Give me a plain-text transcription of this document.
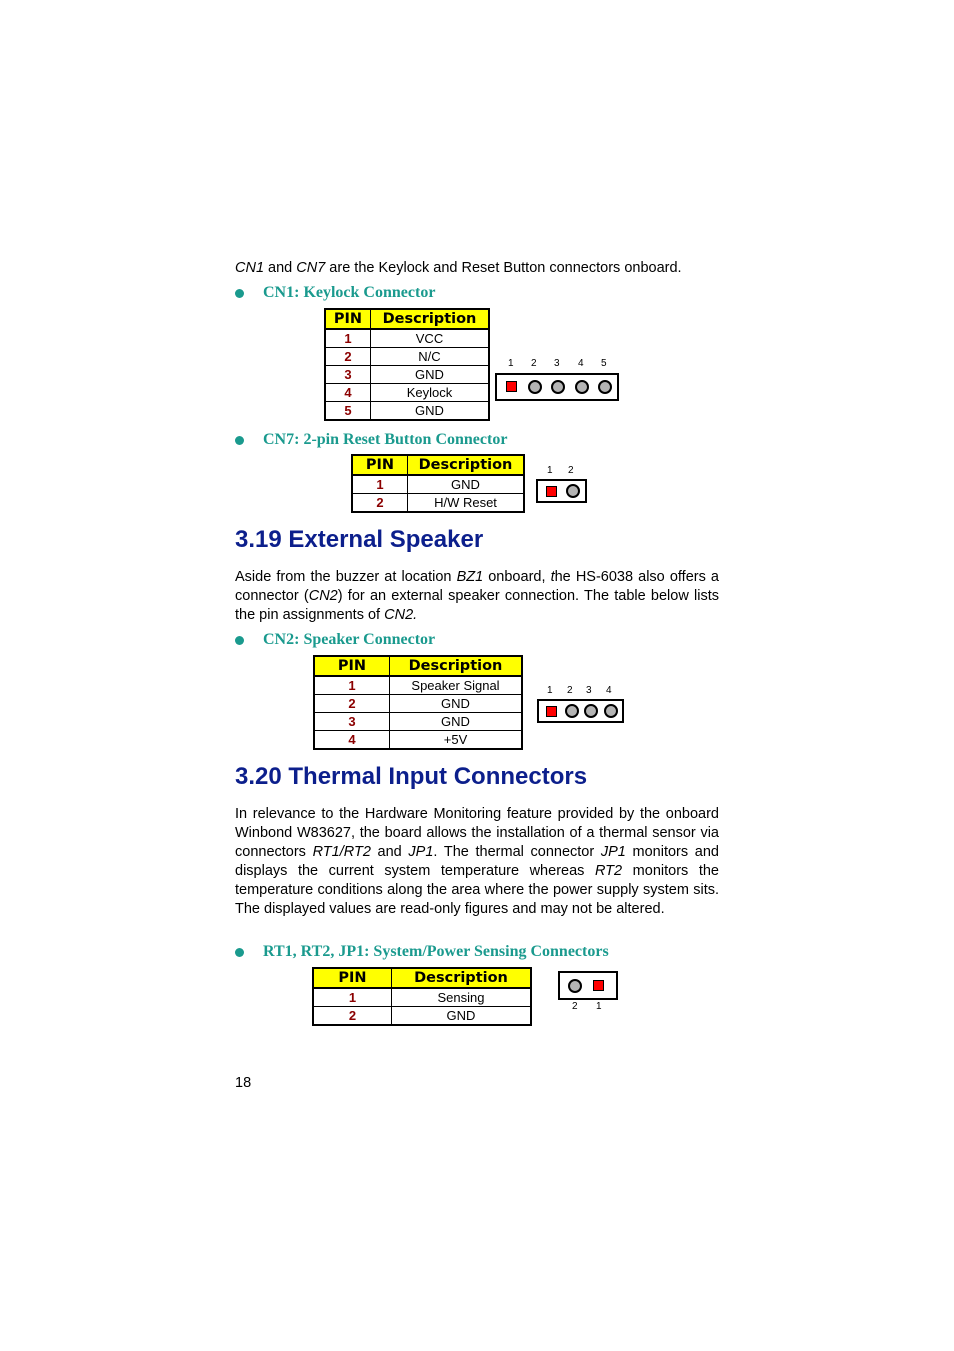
CN1 and CN7 are the Keylock and Reset Button connectors onboard.
CN1: Keylock Connector
PIN	Description
1	VCC
2	N/C
3	GND
4	Keylock
5	GND
1 2 3 4 5
CN7: 2-pin Reset Button Connector
PIN	Description
1	GND
2	H/W Reset
1 2
3.19 External Speaker
Aside from the buzzer at location BZ1 onboard, the HS-6038 also offers a connector (CN2) for an external speaker connection. The table below lists the pin assignments of CN2.
CN2: Speaker Connector
PIN	Description
1	Speaker Signal
2	GND
3	GND
4	+5V
1 2 3 4
3.20 Thermal Input Connectors
In relevance to the Hardware Monitoring feature provided by the onboard Winbond W83627, the board allows the installation of a thermal sensor via connectors RT1/RT2 and JP1. The thermal connector JP1 monitors and displays the current system temperature whereas RT2 monitors the temperature conditions along the area where the power supply system sits. The displayed values are read-only figures and may not be altered.
RT1, RT2, JP1: System/Power Sensing Connectors
PIN	Description
1	Sensing
2	GND
2 1
18
